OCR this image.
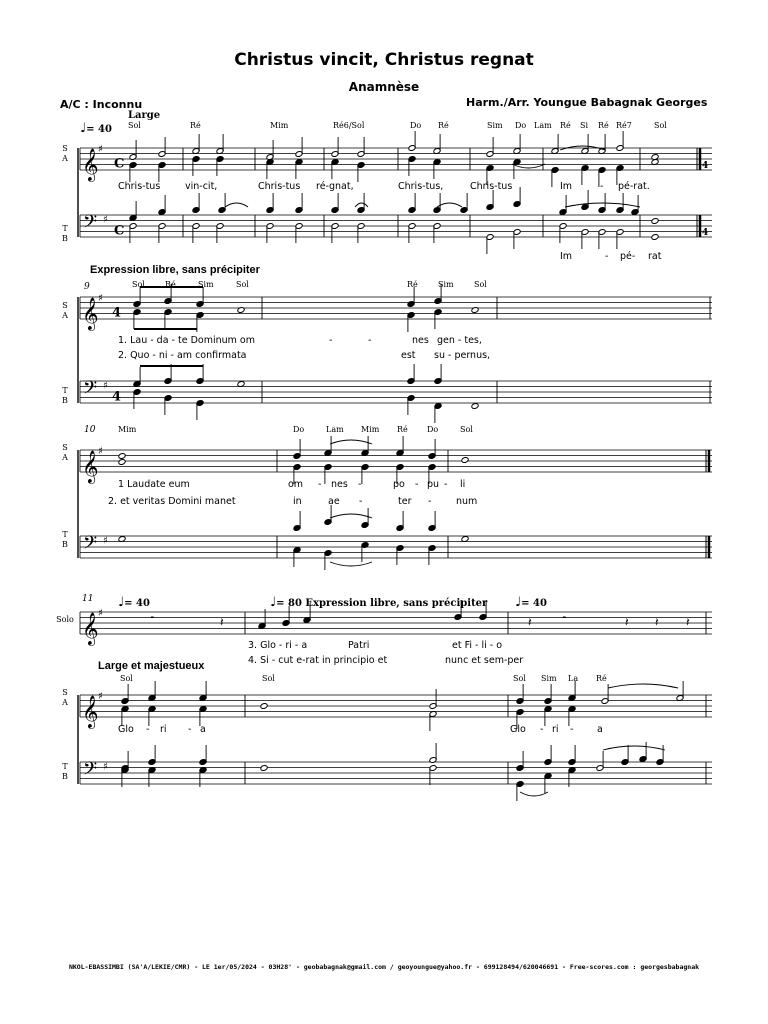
Christus vincit, Christus regnat
Anamnèse
A/C : Inconnu	Harm./Arr. Youngue Babagnak Georges
♩= 40
Large
S
A
T
B
Sol	Ré	Mim	Ré6/Sol	Do Ré	Sim Do Lam Ré Si Ré Ré7	Sol
Chris-tus	vin-cit,	Chris-tus ré-gnat,	Chris-tus,	Chris-tus	Im	- pé-rat.
Im	- pé- rat
Expression libre, sans précipiter
9
S
A
T
B
Sol	Ré	Sim	Sol	Ré	Sim	Sol
1. Lau - da - te Dominum om	-	-	nes gen - tes,
2. Quo - ni - am confirmata	est su - pernus,
10
S
A
T
B
Mim	Do	Lam Mim Ré Do	Sol
1 Laudate eum	om - nes -	po - pu - li
2. et veritas Domini manet	in	ae -	ter -	num
11 ♩= 40	♩= 80 Expression libre, sans précipiter ♩= 40
Solo
Large et majestueux
S
A
T
B
Sol	Sol	Sol Sim La Ré
3. Glo - ri - a	Patri	et Fi - li - o
4. Si - cut e-rat in principio et	nunc et sem-per
Glo - ri - a	Glo - ri - a
NKOL-EBASSIMBI (SA'A/LEKIE/CMR) - LE 1er/05/2024 - 03H28' - geobabagnak@gmail.com / geoyoungue@yahoo.fr - 699128494/620046691 - Free-scores.com : georgesbabagnak
𝄞 ♯
𝄢 ♯
C
C
4
4
𝄞 ♯
𝄢 ♯
4
4
𝄞 ♯
𝄢 ♯
𝄞 ♯
𝄞 ♯
𝄢 ♯
𝄼	𝄽	𝄽	𝄼	𝄽 𝄽 𝄽
